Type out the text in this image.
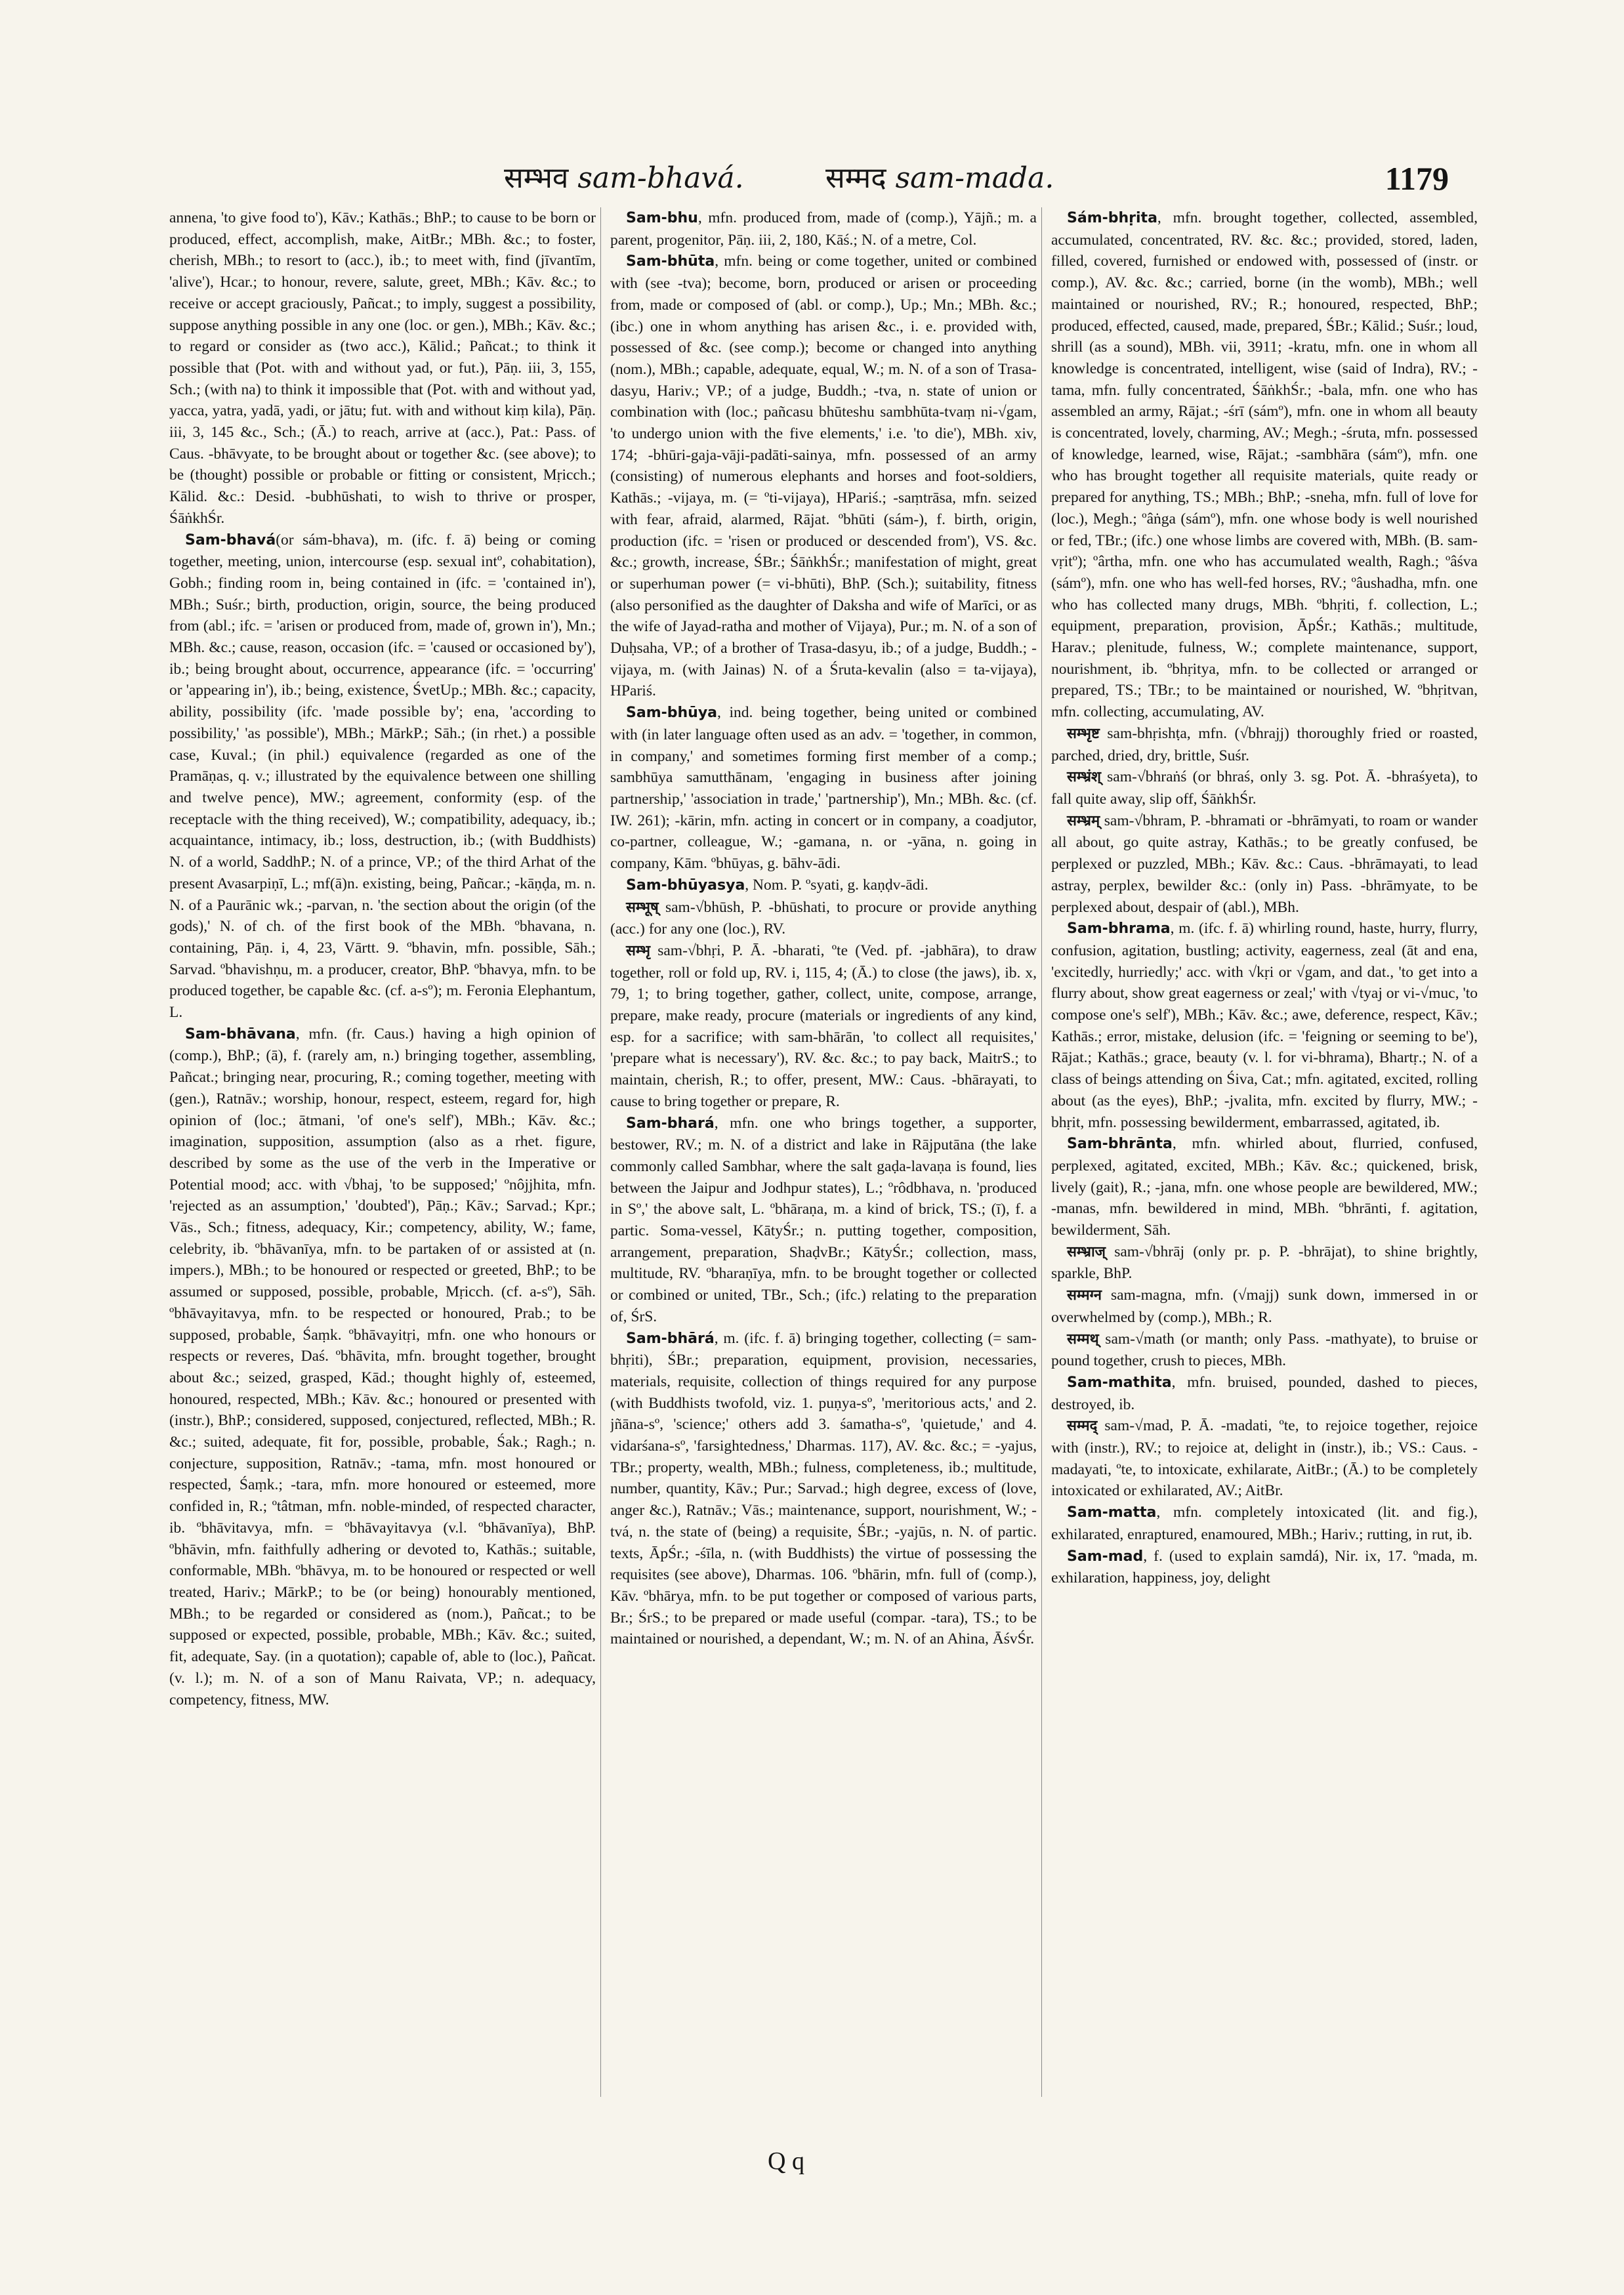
सम्भव sam-bhavá.	सम्मद sam-mada.	1179

annena, 'to give food to'), Kāv.; Kathās.; BhP.; to cause to be born or produced, effect, accomplish, make, AitBr.; MBh. &c.; to foster, cherish, MBh.; to resort to (acc.), ib.; to meet with, find (jīvantīm, 'alive'), Hcar.; to honour, revere, salute, greet, MBh.; Kāv. &c.; to receive or accept graciously, Pañcat.; to imply, suggest a possibility, suppose anything possible in any one (loc. or gen.), MBh.; Kāv. &c.; to regard or consider as (two acc.), Kālid.; Pañcat.; to think it possible that (Pot. with and without yad, or fut.), Pāṇ. iii, 3, 155, Sch.; (with na) to think it impossible that (Pot. with and without yad, yacca, yatra, yadā, yadi, or jātu; fut. with and without kiṃ kila), Pāṇ. iii, 3, 145 &c., Sch.; (Ā.) to reach, arrive at (acc.), Pat.: Pass. of Caus. -bhāvyate, to be brought about or together &c. (see above); to be (thought) possible or probable or fitting or consistent, Mṛicch.; Kālid. &c.: Desid. -bubhūshati, to wish to thrive or prosper, ŚāṅkhŚr.

Sam-bhavá(or sám-bhava), m. (ifc. f. ā) being or coming together, meeting, union, intercourse (esp. sexual intº, cohabitation), Gobh.; finding room in, being contained in (ifc. = 'contained in'), MBh.; Suśr.; birth, production, origin, source, the being produced from (abl.; ifc. = 'arisen or produced from, made of, grown in'), Mn.; MBh. &c.; cause, reason, occasion (ifc. = 'caused or occasioned by'), ib.; being brought about, occurrence, appearance (ifc. = 'occurring' or 'appearing in'), ib.; being, existence, ŚvetUp.; MBh. &c.; capacity, ability, possibility (ifc. 'made possible by'; ena, 'according to possibility,' 'as possible'), MBh.; MārkP.; Sāh.; (in rhet.) a possible case, Kuval.; (in phil.) equivalence (regarded as one of the Pramāṇas, q. v.; illustrated by the equivalence between one shilling and twelve pence), MW.; agreement, conformity (esp. of the receptacle with the thing received), W.; compatibility, adequacy, ib.; acquaintance, intimacy, ib.; loss, destruction, ib.; (with Buddhists) N. of a world, SaddhP.; N. of a prince, VP.; of the third Arhat of the present Avasarpiṇī, L.; mf(ā)n. existing, being, Pañcar.; -kāṇḍa, m. n. N. of a Paurānic wk.; -parvan, n. 'the section about the origin (of the gods),' N. of ch. of the first book of the MBh. ºbhavana, n. containing, Pāṇ. i, 4, 23, Vārtt. 9. ºbhavin, mfn. possible, Sāh.; Sarvad. ºbhavishṇu, m. a producer, creator, BhP. ºbhavya, mfn. to be produced together, be capable &c. (cf. a-sº); m. Feronia Elephantum, L.

Sam-bhāvana, mfn. (fr. Caus.) having a high opinion of (comp.), BhP.; (ā), f. (rarely am, n.) bringing together, assembling, Pañcat.; bringing near, procuring, R.; coming together, meeting with (gen.), Ratnāv.; worship, honour, respect, esteem, regard for, high opinion of (loc.; ātmani, 'of one's self'), MBh.; Kāv. &c.; imagination, supposition, assumption (also as a rhet. figure, described by some as the use of the verb in the Imperative or Potential mood; acc. with √bhaj, 'to be supposed;' ºnôjjhita, mfn. 'rejected as an assumption,' 'doubted'), Pāṇ.; Kāv.; Sarvad.; Kpr.; Vās., Sch.; fitness, adequacy, Kir.; competency, ability, W.; fame, celebrity, ib. ºbhāvanīya, mfn. to be partaken of or assisted at (n. impers.), MBh.; to be honoured or respected or greeted, BhP.; to be assumed or supposed, possible, probable, Mṛicch. (cf. a-sº), Sāh. ºbhāvayitavya, mfn. to be respected or honoured, Prab.; to be supposed, probable, Śaṃk. ºbhāvayitṛi, mfn. one who honours or respects or reveres, Daś. ºbhāvita, mfn. brought together, brought about &c.; seized, grasped, Kād.; thought highly of, esteemed, honoured, respected, MBh.; Kāv. &c.; honoured or presented with (instr.), BhP.; considered, supposed, conjectured, reflected, MBh.; R. &c.; suited, adequate, fit for, possible, probable, Śak.; Ragh.; n. conjecture, supposition, Ratnāv.; -tama, mfn. most honoured or respected, Śaṃk.; -tara, mfn. more honoured or esteemed, more confided in, R.; ºtâtman, mfn. noble-minded, of respected character, ib. ºbhāvitavya, mfn. = ºbhāvayitavya (v.l. ºbhāvanīya), BhP. ºbhāvin, mfn. faithfully adhering or devoted to, Kathās.; suitable, conformable, MBh. ºbhāvya, m. to be honoured or respected or well treated, Hariv.; MārkP.; to be (or being) honourably mentioned, MBh.; to be regarded or considered as (nom.), Pañcat.; to be supposed or expected, possible, probable, MBh.; Kāv. &c.; suited, fit, adequate, Say. (in a quotation); capable of, able to (loc.), Pañcat. (v. l.); m. N. of a son of Manu Raivata, VP.; n. adequacy, competency, fitness, MW.

Sam-bhu, mfn. produced from, made of (comp.), Yājñ.; m. a parent, progenitor, Pāṇ. iii, 2, 180, Kāś.; N. of a metre, Col.

Sam-bhūta, mfn. being or come together, united or combined with (see -tva); become, born, produced or arisen or proceeding from, made or composed of (abl. or comp.), Up.; Mn.; MBh. &c.; (ibc.) one in whom anything has arisen &c., i. e. provided with, possessed of &c. (see comp.); become or changed into anything (nom.), MBh.; capable, adequate, equal, W.; m. N. of a son of Trasa-dasyu, Hariv.; VP.; of a judge, Buddh.; -tva, n. state of union or combination with (loc.; pañcasu bhūteshu sambhūta-tvaṃ ni-√gam, 'to undergo union with the five elements,' i.e. 'to die'), MBh. xiv, 174; -bhūri-gaja-vāji-padāti-sainya, mfn. possessed of an army (consisting) of numerous elephants and horses and foot-soldiers, Kathās.; -vijaya, m. (= ºti-vijaya), HPariś.; -saṃtrāsa, mfn. seized with fear, afraid, alarmed, Rājat. ºbhūti (sám-), f. birth, origin, production (ifc. = 'risen or produced or descended from'), VS. &c. &c.; growth, increase, ŚBr.; ŚāṅkhŚr.; manifestation of might, great or superhuman power (= vi-bhūti), BhP. (Sch.); suitability, fitness (also personified as the daughter of Daksha and wife of Marīci, or as the wife of Jayad-ratha and mother of Vijaya), Pur.; m. N. of a son of Duḥsaha, VP.; of a brother of Trasa-dasyu, ib.; of a judge, Buddh.; -vijaya, m. (with Jainas) N. of a Śruta-kevalin (also = ta-vijaya), HPariś.

Sam-bhūya, ind. being together, being united or combined with (in later language often used as an adv. = 'together, in common, in company,' and sometimes forming first member of a comp.; sambhūya samutthānam, 'engaging in business after joining partnership,' 'association in trade,' 'partnership'), Mn.; MBh. &c. (cf. IW. 261); -kārin, mfn. acting in concert or in company, a coadjutor, co-partner, colleague, W.; -gamana, n. or -yāna, n. going in company, Kām. ºbhūyas, g. bāhv-ādi.

Sam-bhūyasya, Nom. P. ºsyati, g. kaṇḍv-ādi.

सम्भूष् sam-√bhūsh, P. -bhūshati, to procure or provide anything (acc.) for any one (loc.), RV.

सम्भृ sam-√bhṛi, P. Ā. -bharati, ºte (Ved. pf. -jabhāra), to draw together, roll or fold up, RV. i, 115, 4; (Ā.) to close (the jaws), ib. x, 79, 1; to bring together, gather, collect, unite, compose, arrange, prepare, make ready, procure (materials or ingredients of any kind, esp. for a sacrifice; with sam-bhārān, 'to collect all requisites,' 'prepare what is necessary'), RV. &c. &c.; to pay back, MaitrS.; to maintain, cherish, R.; to offer, present, MW.: Caus. -bhārayati, to cause to bring together or prepare, R.

Sam-bhará, mfn. one who brings together, a supporter, bestower, RV.; m. N. of a district and lake in Rājputāna (the lake commonly called Sambhar, where the salt gaḍa-lavaṇa is found, lies between the Jaipur and Jodhpur states), L.; ºrôdbhava, n. 'produced in Sº,' the above salt, L. ºbhāraṇa, m. a kind of brick, TS.; (ī), f. a partic. Soma-vessel, KātyŚr.; n. putting together, composition, arrangement, preparation, ShaḍvBr.; KātyŚr.; collection, mass, multitude, RV. ºbharaṇīya, mfn. to be brought together or collected or combined or united, TBr., Sch.; (ifc.) relating to the preparation of, ŚrS.

Sam-bhārá, m. (ifc. f. ā) bringing together, collecting (= sam-bhṛiti), ŚBr.; preparation, equipment, provision, necessaries, materials, requisite, collection of things required for any purpose (with Buddhists twofold, viz. 1. puṇya-sº, 'meritorious acts,' and 2. jñāna-sº, 'science;' others add 3. śamatha-sº, 'quietude,' and 4. vidarśana-sº, 'farsightedness,' Dharmas. 117), AV. &c. &c.; = -yajus, TBr.; property, wealth, MBh.; fulness, completeness, ib.; multitude, number, quantity, Kāv.; Pur.; Sarvad.; high degree, excess of (love, anger &c.), Ratnāv.; Vās.; maintenance, support, nourishment, W.; -tvá, n. the state of (being) a requisite, ŚBr.; -yajūs, n. N. of partic. texts, ĀpŚr.; -śīla, n. (with Buddhists) the virtue of possessing the requisites (see above), Dharmas. 106. ºbhārin, mfn. full of (comp.), Kāv. ºbhārya, mfn. to be put together or composed of various parts, Br.; ŚrS.; to be prepared or made useful (compar. -tara), TS.; to be maintained or nourished, a dependant, W.; m. N. of an Ahina, ĀśvŚr.

Sám-bhṛita, mfn. brought together, collected, assembled, accumulated, concentrated, RV. &c. &c.; provided, stored, laden, filled, covered, furnished or endowed with, possessed of (instr. or comp.), AV. &c. &c.; carried, borne (in the womb), MBh.; well maintained or nourished, RV.; R.; honoured, respected, BhP.; produced, effected, caused, made, prepared, ŚBr.; Kālid.; Suśr.; loud, shrill (as a sound), MBh. vii, 3911; -kratu, mfn. one in whom all knowledge is concentrated, intelligent, wise (said of Indra), RV.; -tama, mfn. fully concentrated, ŚāṅkhŚr.; -bala, mfn. one who has assembled an army, Rājat.; -śrī (sámº), mfn. one in whom all beauty is concentrated, lovely, charming, AV.; Megh.; -śruta, mfn. possessed of knowledge, learned, wise, Rājat.; -sambhāra (sámº), mfn. one who has brought together all requisite materials, quite ready or prepared for anything, TS.; MBh.; BhP.; -sneha, mfn. full of love for (loc.), Megh.; ºâṅga (sámº), mfn. one whose body is well nourished or fed, TBr.; (ifc.) one whose limbs are covered with, MBh. (B. sam-vṛitº); ºârtha, mfn. one who has accumulated wealth, Ragh.; ºâśva (sámº), mfn. one who has well-fed horses, RV.; ºâushadha, mfn. one who has collected many drugs, MBh. ºbhṛiti, f. collection, L.; equipment, preparation, provision, ĀpŚr.; Kathās.; multitude, Harav.; plenitude, fulness, W.; complete maintenance, support, nourishment, ib. ºbhṛitya, mfn. to be collected or arranged or prepared, TS.; TBr.; to be maintained or nourished, W. ºbhṛitvan, mfn. collecting, accumulating, AV.

सम्भृष्ट sam-bhṛishṭa, mfn. (√bhrajj) thoroughly fried or roasted, parched, dried, dry, brittle, Suśr.

सम्भ्रंश् sam-√bhraṅś (or bhraś, only 3. sg. Pot. Ā. -bhraśyeta), to fall quite away, slip off, ŚāṅkhŚr.

सम्भ्रम् sam-√bhram, P. -bhramati or -bhrāmyati, to roam or wander all about, go quite astray, Kathās.; to be greatly confused, be perplexed or puzzled, MBh.; Kāv. &c.: Caus. -bhrāmayati, to lead astray, perplex, bewilder &c.: (only in) Pass. -bhrāmyate, to be perplexed about, despair of (abl.), MBh.

Sam-bhrama, m. (ifc. f. ā) whirling round, haste, hurry, flurry, confusion, agitation, bustling; activity, eagerness, zeal (āt and ena, 'excitedly, hurriedly;' acc. with √kṛi or √gam, and dat., 'to get into a flurry about, show great eagerness or zeal;' with √tyaj or vi-√muc, 'to compose one's self'), MBh.; Kāv. &c.; awe, deference, respect, Kāv.; Kathās.; error, mistake, delusion (ifc. = 'feigning or seeming to be'), Rājat.; Kathās.; grace, beauty (v. l. for vi-bhrama), Bhartṛ.; N. of a class of beings attending on Śiva, Cat.; mfn. agitated, excited, rolling about (as the eyes), BhP.; -jvalita, mfn. excited by flurry, MW.; -bhṛit, mfn. possessing bewilderment, embarrassed, agitated, ib.

Sam-bhrānta, mfn. whirled about, flurried, confused, perplexed, agitated, excited, MBh.; Kāv. &c.; quickened, brisk, lively (gait), R.; -jana, mfn. one whose people are bewildered, MW.; -manas, mfn. bewildered in mind, MBh. ºbhrānti, f. agitation, bewilderment, Sāh.

सम्भ्राज् sam-√bhrāj (only pr. p. P. -bhrājat), to shine brightly, sparkle, BhP.

सम्मग्न sam-magna, mfn. (√majj) sunk down, immersed in or overwhelmed by (comp.), MBh.; R.

सम्मथ् sam-√math (or manth; only Pass. -mathyate), to bruise or pound together, crush to pieces, MBh.

Sam-mathita, mfn. bruised, pounded, dashed to pieces, destroyed, ib.

सम्मद् sam-√mad, P. Ā. -madati, ºte, to rejoice together, rejoice with (instr.), RV.; to rejoice at, delight in (instr.), ib.; VS.: Caus. -madayati, ºte, to intoxicate, exhilarate, AitBr.; (Ā.) to be completely intoxicated or exhilarated, AV.; AitBr.

Sam-matta, mfn. completely intoxicated (lit. and fig.), exhilarated, enraptured, enamoured, MBh.; Hariv.; rutting, in rut, ib.

Sam-mad, f. (used to explain samdá), Nir. ix, 17. ºmada, m. exhilaration, happiness, joy, delight

Q q
